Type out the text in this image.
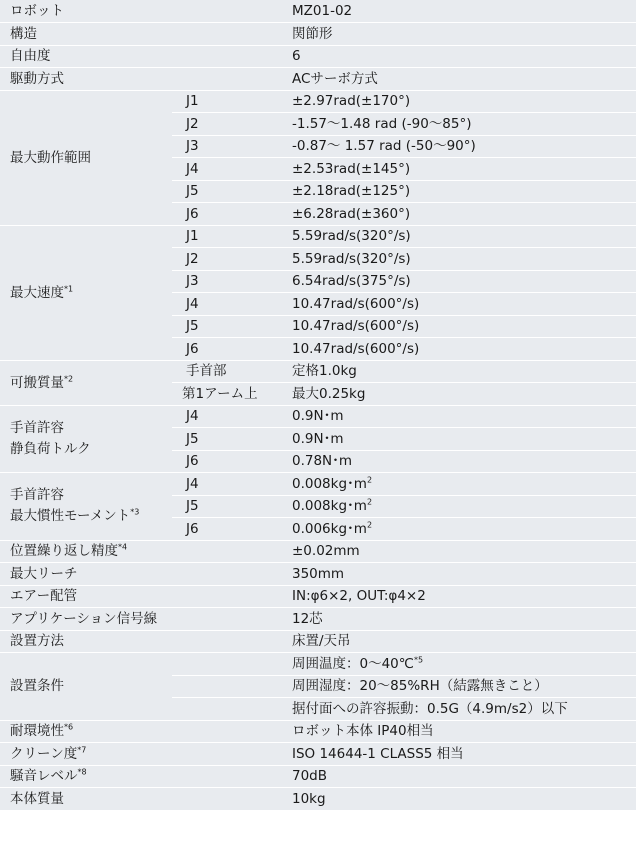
ロボット		MZ01-02
構造		関節形
自由度		6
駆動方式		ACサーボ方式
最大動作範囲	J1	±2.97rad(±170°)
	J2	-1.57～1.48 rad (-90～85°)
	J3	-0.87～ 1.57 rad (-50～90°)
	J4	±2.53rad(±145°)
	J5	±2.18rad(±125°)
	J6	±6.28rad(±360°)
最大速度$^{*1}$	J1	5.59rad/s(320°/s)
	J2	5.59rad/s(320°/s)
	J3	6.54rad/s(375°/s)
	J4	10.47rad/s(600°/s)
	J5	10.47rad/s(600°/s)
	J6	10.47rad/s(600°/s)
可搬質量$^{*2}$	手首部	定格1.0kg
	第1アーム上	最大0.25kg
手首許容
静負荷トルク	J4	0.9N･m
	J5	0.9N･m
	J6	0.78N･m
手首許容
最大慣性モーメント$^{*3}$	J4	0.008kg･$m^2$
	J5	0.008kg･$m^2$
	J6	0.006kg･$m^2$
位置繰り返し精度$^{*4}$		±0.02mm
最大リーチ		350mm
エアー配管		IN:φ6×2, OUT:φ4×2
アプリケーション信号線		12芯
設置方法		床置/天吊
設置条件		周囲温度：0～40℃$^{*5}$
		周囲湿度：20～85%RH（結露無きこと）
		据付面への許容振動：0.5G（4.9m/s2）以下
耐環境性$^{*6}$		ロボット本体 IP40相当
クリーン度$^{*7}$		ISO 14644-1 CLASS5 相当
騒音レベル$^{*8}$		70dB
本体質量		10kg
